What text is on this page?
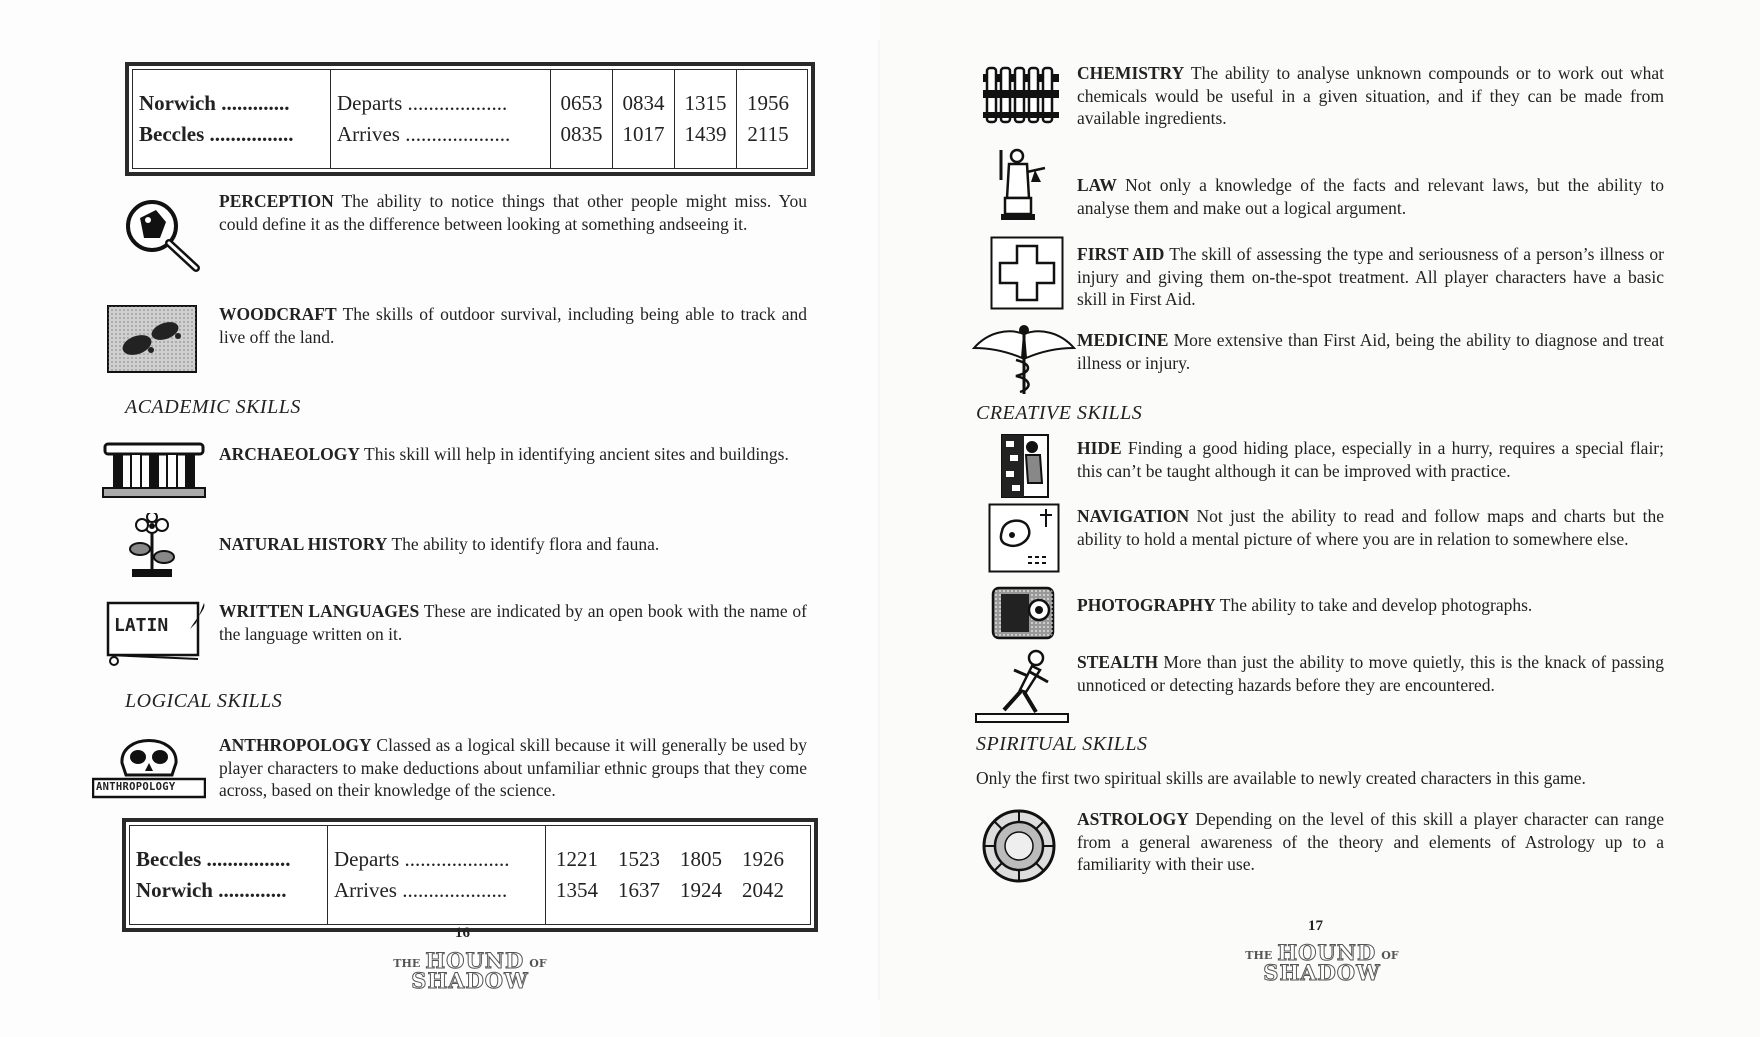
Norwich .............
Beccles ................
Departs ...................
Arrives ....................
0653
0835
0834
1017
1315
1439
1956
2115
PERCEPTION The ability to notice things that other people might miss. You could define it as the difference between looking at something andseeing it.
WOODCRAFT The skills of outdoor survival, including being able to track and live off the land.
ACADEMIC SKILLS
ARCHAEOLOGY This skill will help in identifying ancient sites and buildings.
NATURAL HISTORY The ability to identify flora and fauna.
LATIN
WRITTEN LANGUAGES These are indicated by an open book with the name of the language written on it.
LOGICAL SKILLS
ANTHROPOLOGY
ANTHROPOLOGY Classed as a logical skill because it will generally be used by player characters to make deductions about unfamiliar ethnic groups that they come across, based on their knowledge of the science.
Beccles ................
Norwich .............
Departs ....................
Arrives ....................
1221
1354
1523
1637
1805
1924
1926
2042
16
THE HOUND OF
SHADOW
CHEMISTRY The ability to analyse unknown compounds or to work out what chemicals would be useful in a given situation, and if they can be made from available ingredients.
LAW Not only a knowledge of the facts and relevant laws, but the ability to analyse them and make out a logical argument.
FIRST AID The skill of assessing the type and seriousness of a person’s illness or injury and giving them on-the-spot treatment. All player characters have a basic skill in First Aid.
MEDICINE More extensive than First Aid, being the ability to diagnose and treat illness or injury.
CREATIVE SKILLS
HIDE Finding a good hiding place, especially in a hurry, requires a special flair; this can’t be taught although it can be improved with practice.
NAVIGATION Not just the ability to read and follow maps and charts but the ability to hold a mental picture of where you are in relation to somewhere else.
PHOTOGRAPHY The ability to take and develop photographs.
STEALTH More than just the ability to move quietly, this is the knack of passing unnoticed or detecting hazards before they are encountered.
SPIRITUAL SKILLS
Only the first two spiritual skills are available to newly created characters in this game.
ASTROLOGY Depending on the level of this skill a player character can range from a general awareness of the theory and elements of Astrology up to a familiarity with their use.
17
THE HOUND OF
SHADOW
